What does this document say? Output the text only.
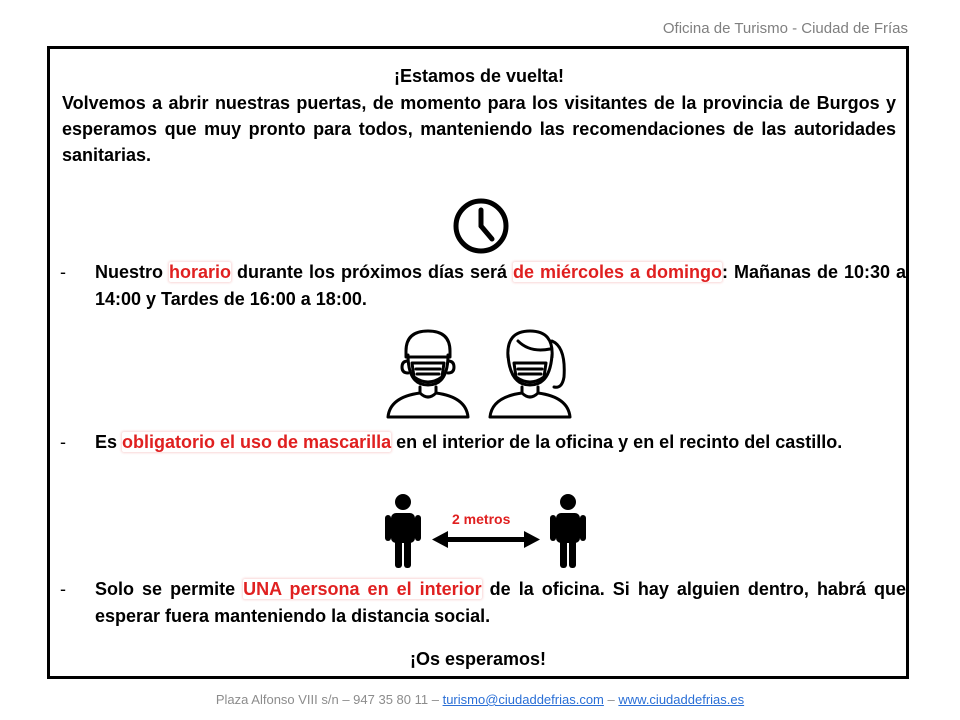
Oficina de Turismo - Ciudad de Frías
¡Estamos de vuelta!
Volvemos a abrir nuestras puertas, de momento para los visitantes de la provincia de Burgos y esperamos que muy pronto para todos, manteniendo las recomendaciones de las autoridades sanitarias.
-	Nuestro horario durante los próximos días será de miércoles a domingo: Mañanas de 10:30 a 14:00 y Tardes de 16:00 a 18:00.
-	Es obligatorio el uso de mascarilla en el interior de la oficina y en el recinto del castillo.
2 metros
-	Solo se permite UNA persona en el interior de la oficina. Si hay alguien dentro, habrá que esperar fuera manteniendo la distancia social.
¡Os esperamos!
Plaza Alfonso VIII s/n – 947 35 80 11 – turismo@ciudaddefrias.com – www.ciudaddefrias.es
